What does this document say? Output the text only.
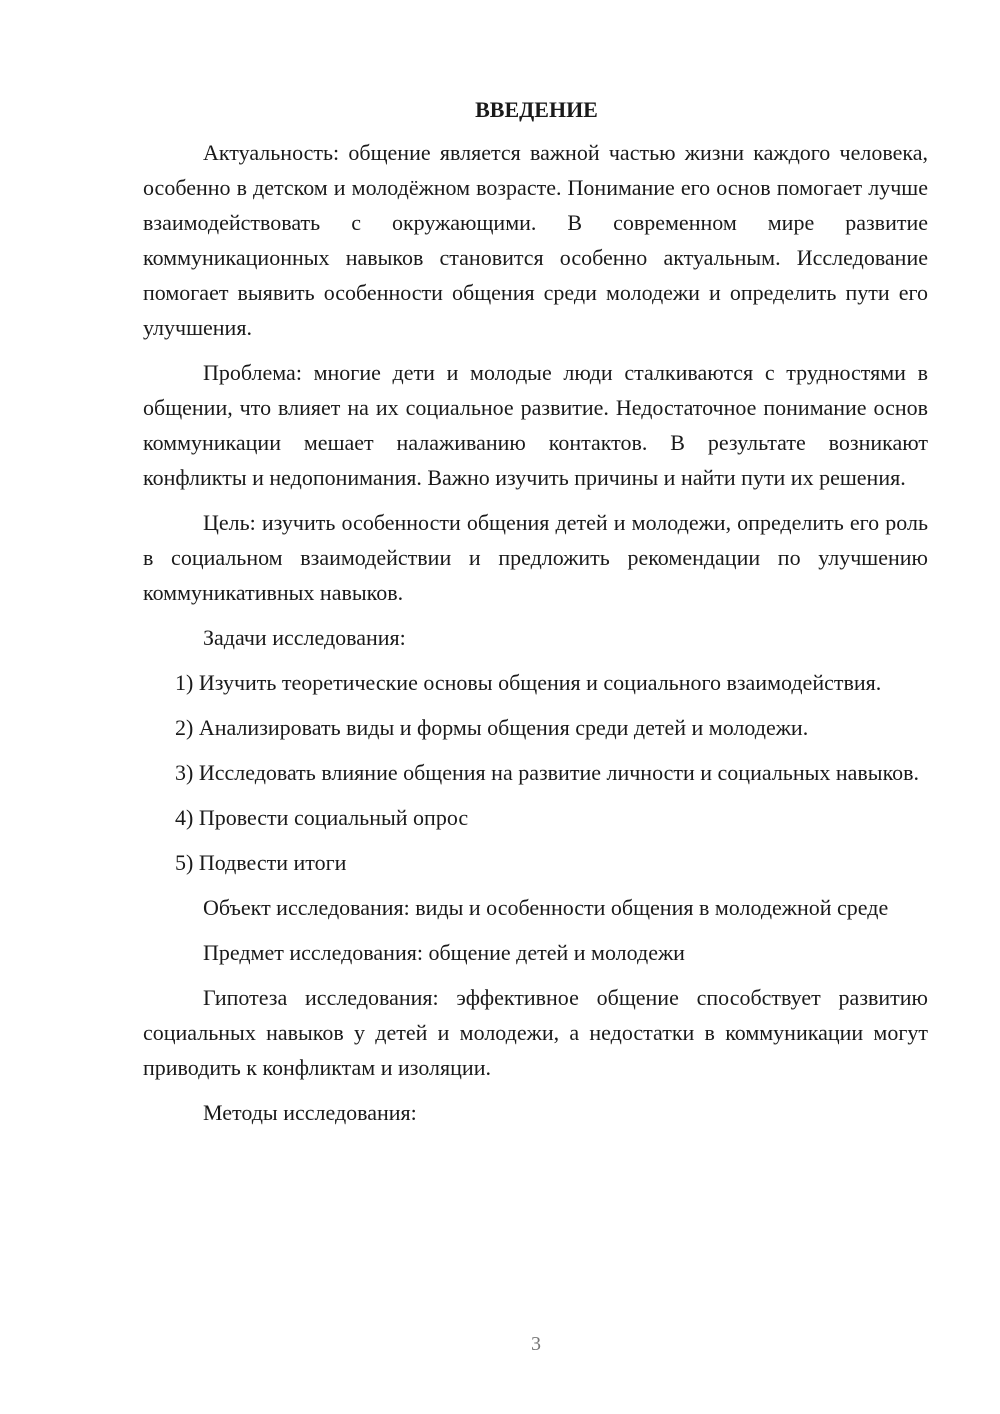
ВВЕДЕНИЕ
Актуальность: общение является важной частью жизни каждого человека, особенно в детском и молодёжном возрасте. Понимание его основ помогает лучше взаимодействовать с окружающими. В современном мире развитие коммуникационных навыков становится особенно актуальным. Исследование помогает выявить особенности общения среди молодежи и определить пути его улучшения.
Проблема: многие дети и молодые люди сталкиваются с трудностями в общении, что влияет на их социальное развитие. Недостаточное понимание основ коммуникации мешает налаживанию контактов. В результате возникают конфликты и недопонимания. Важно изучить причины и найти пути их решения.
Цель: изучить особенности общения детей и молодежи, определить его роль в социальном взаимодействии и предложить рекомендации по улучшению коммуникативных навыков.
Задачи исследования:
1) Изучить теоретические основы общения и социального взаимодействия.
2) Анализировать виды и формы общения среди детей и молодежи.
3) Исследовать влияние общения на развитие личности и социальных навыков.
4) Провести социальный опрос
5) Подвести итоги
Объект исследования: виды и особенности общения в молодежной среде
Предмет исследования: общение детей и молодежи
Гипотеза исследования: эффективное общение способствует развитию социальных навыков у детей и молодежи, а недостатки в коммуникации могут приводить к конфликтам и изоляции.
Методы исследования:
3
